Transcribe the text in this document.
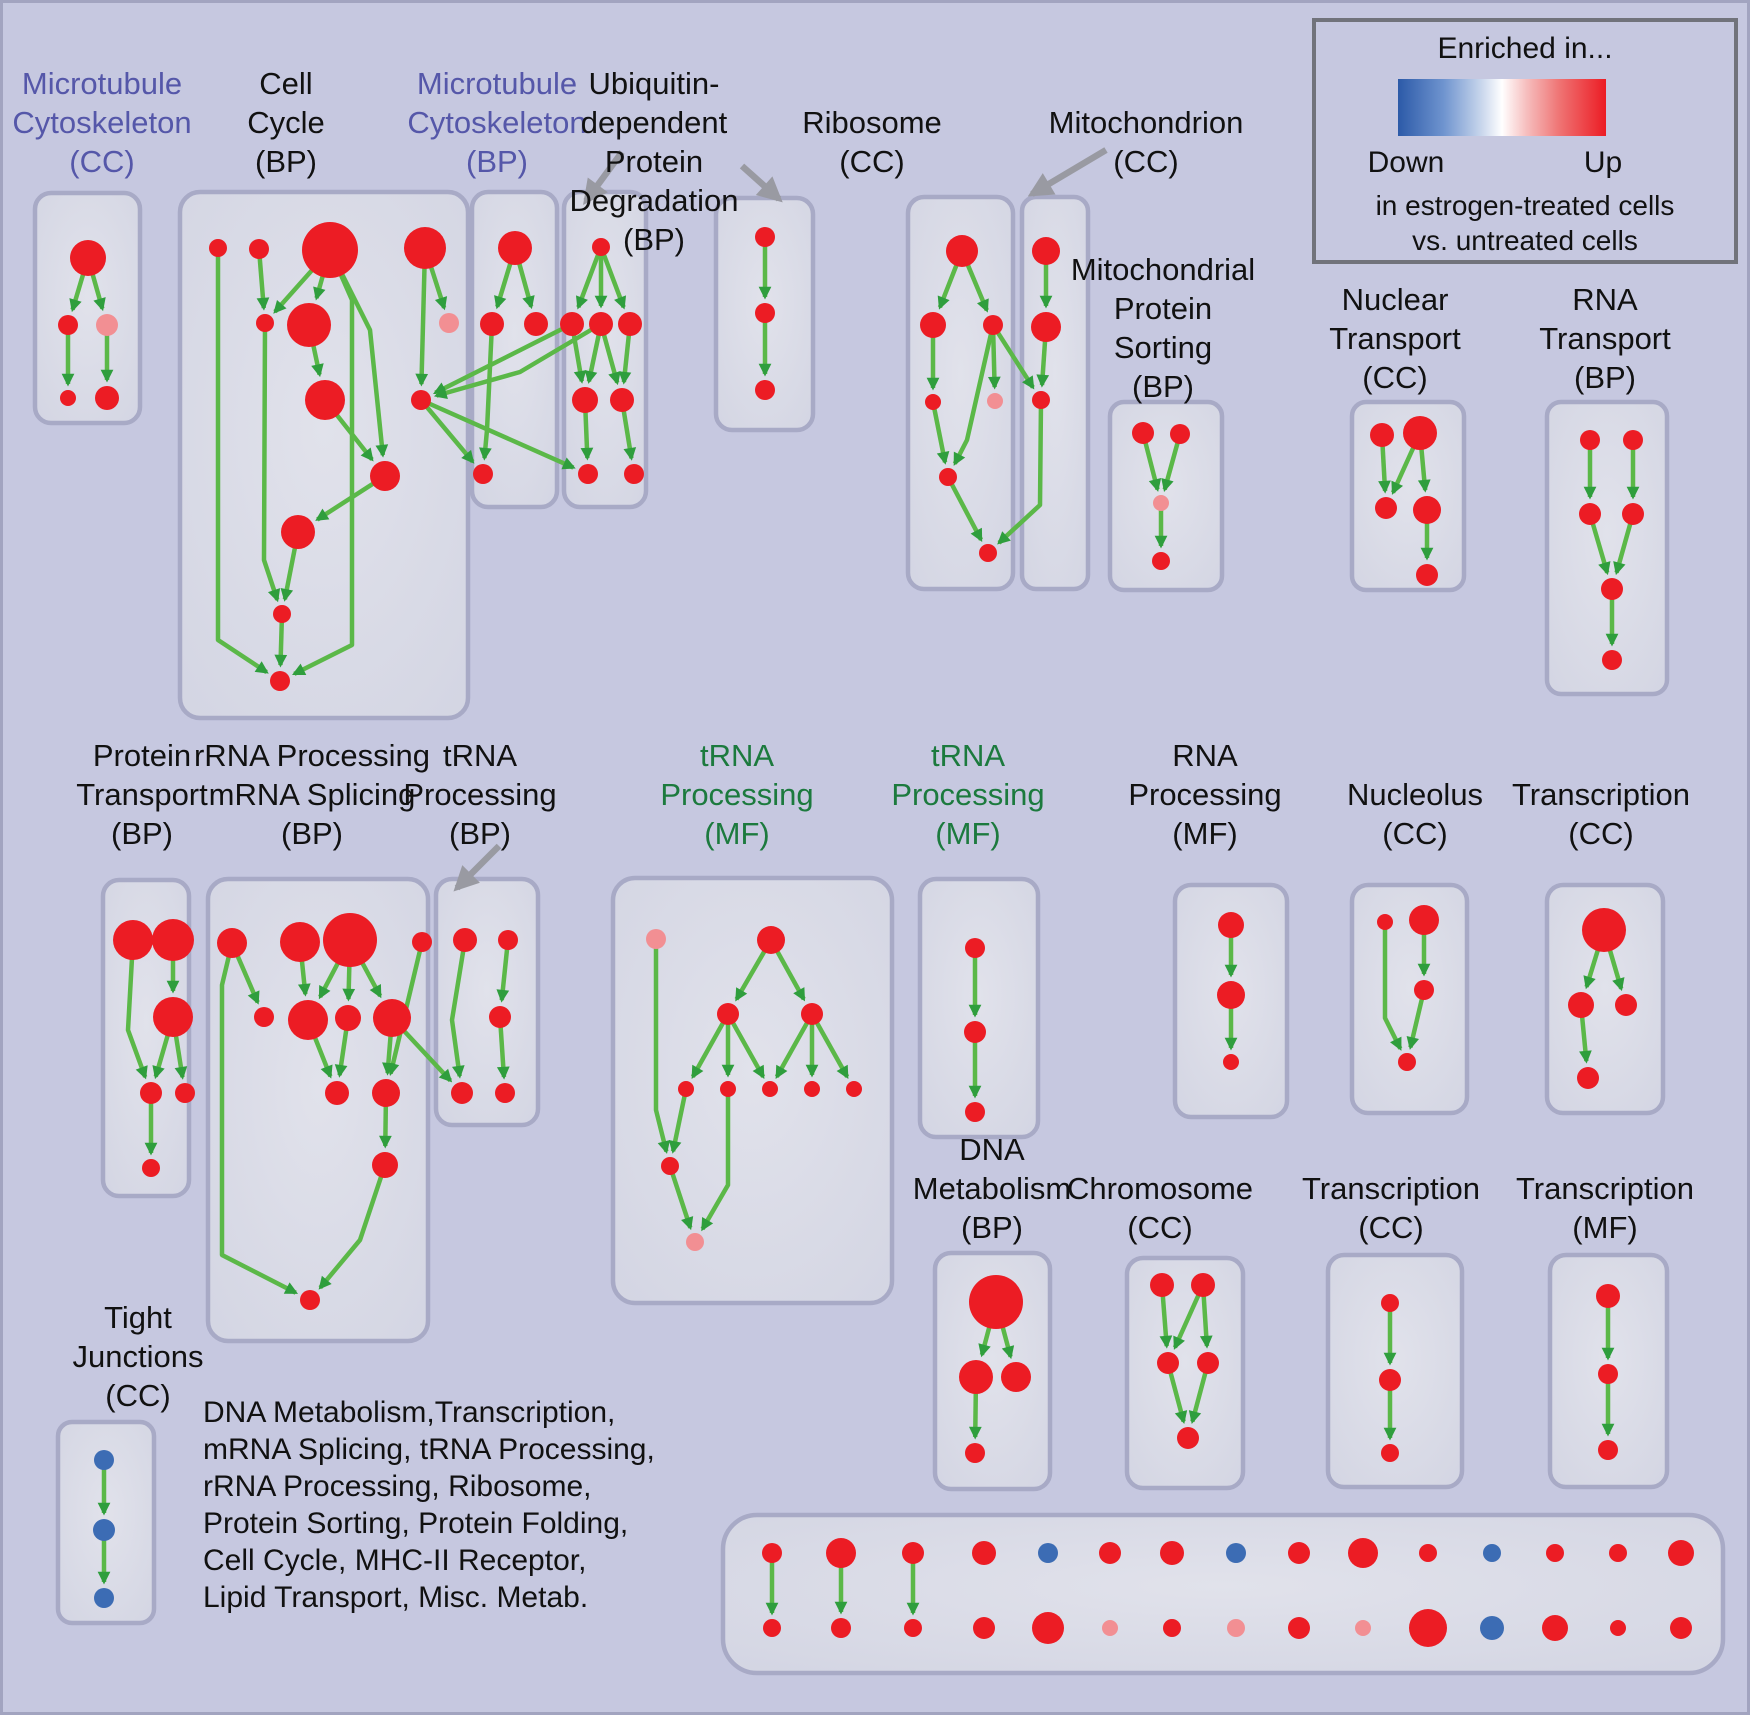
Enriched in...
Down	Up
in estrogen-treated cells
vs. untreated cells
DNA Metabolism,Transcription,
mRNA Splicing, tRNA Processing,
rRNA Processing, Ribosome,
Protein Sorting, Protein Folding,
Cell Cycle, MHC-II Receptor,
Lipid Transport, Misc. Metab.
Microtubule
Cytoskeleton
(CC)
Cell
Cycle
(BP)
Microtubule
Cytoskeleton
(BP)
Ribosome
(CC)
Mitochondrion
(CC)
Mitochondrial
Protein
Sorting
(BP)
Nuclear
Transport
(CC)
RNA
Transport
(BP)
Protein
Transport
(BP)
rRNA Processing
mRNA Splicing
(BP)
tRNA
Processing
(BP)
tRNA
Processing
(MF)
tRNA
Processing
(MF)
RNA
Processing
(MF)
Nucleolus
(CC)
Transcription
(CC)
DNA
Metabolism
(BP)
Chromosome
(CC)
Transcription
(CC)
Transcription
(MF)
Tight
Junctions
(CC)
Ubiquitin-
dependent
Protein
Degradation
(BP)
